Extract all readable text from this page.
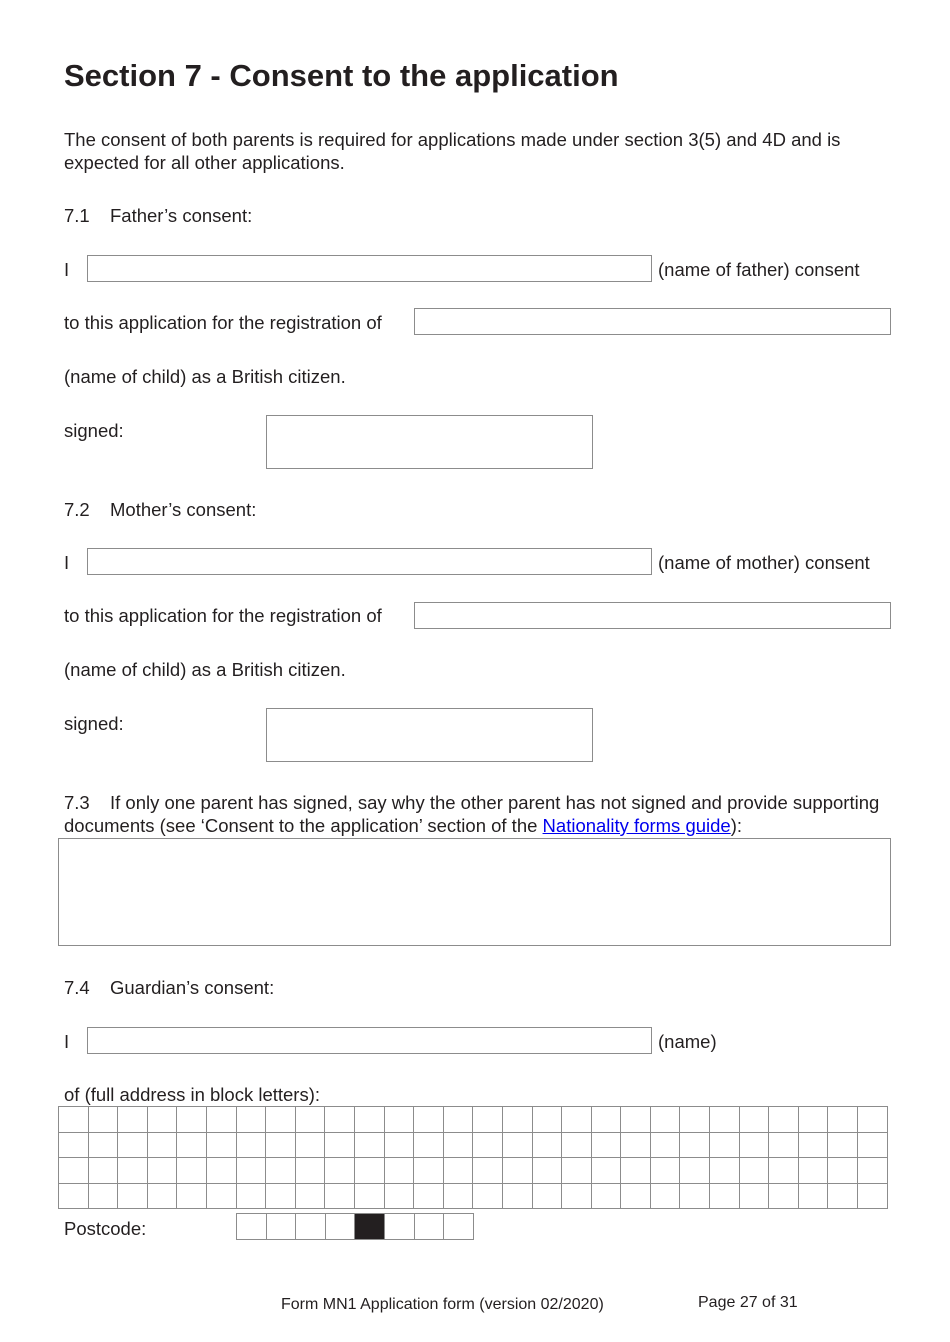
Section 7 - Consent to the application
The consent of both parents is required for applications made under section 3(5) and 4D and is expected for all other applications.
7.1 Father’s consent:
I	(name of father) consent
to this application for the registration of
(name of child) as a British citizen.
signed:
7.2 Mother’s consent:
I	(name of mother) consent
to this application for the registration of
(name of child) as a British citizen.
signed:
7.3 If only one parent has signed, say why the other parent has not signed and provide supporting documents (see ‘Consent to the application’ section of the Nationality forms guide):
7.4 Guardian’s consent:
I	(name)
of (full address in block letters):

Postcode:

Form MN1 Application form (version 02/2020)	Page 27 of 31
